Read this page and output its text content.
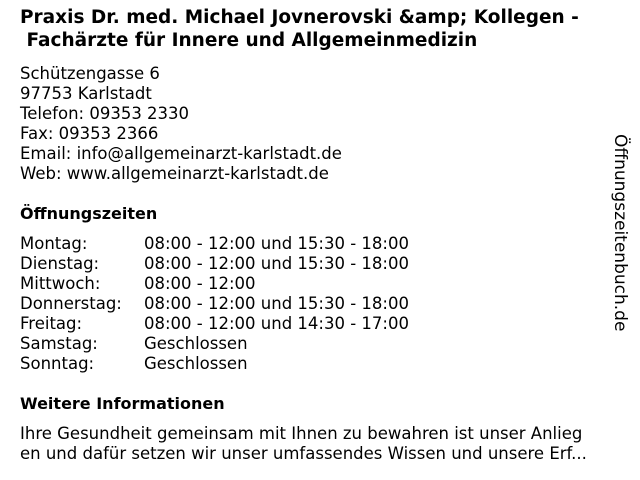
Praxis Dr. med. Michael Jovnerovski &amp; Kollegen -
Fachärzte für Innere und Allgemeinmedizin
Schützengasse 6
97753 Karlstadt
Telefon: 09353 2330
Fax: 09353 2366
Email: info@allgemeinarzt-karlstadt.de
Web: www.allgemeinarzt-karlstadt.de
Öffnungszeiten
Montag:	08:00 - 12:00 und 15:30 - 18:00
Dienstag:	08:00 - 12:00 und 15:30 - 18:00
Mittwoch:	08:00 - 12:00
Donnerstag: 08:00 - 12:00 und 15:30 - 18:00
Freitag:	08:00 - 12:00 und 14:30 - 17:00
Samstag:	Geschlossen
Sonntag:	Geschlossen
Weitere Informationen
Ihre Gesundheit gemeinsam mit Ihnen zu bewahren ist unser Anlieg
en und dafür setzen wir unser umfassendes Wissen und unsere Erf...
Öffnungszeitenbuch.de
